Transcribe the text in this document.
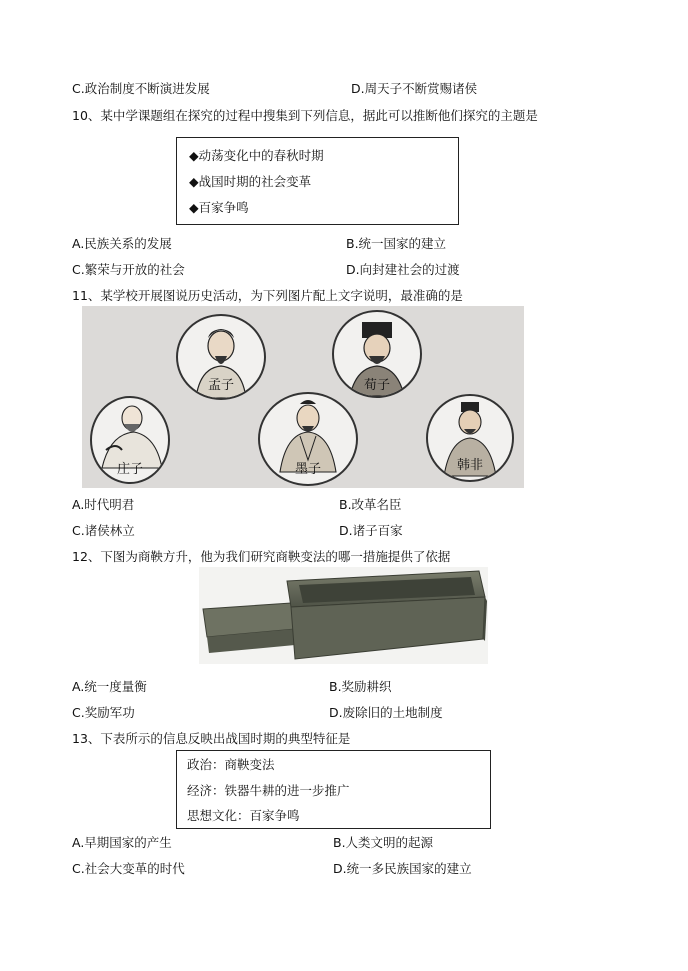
C.政治制度不断演进发展	D.周天子不断赏赐诸侯
10、某中学课题组在探究的过程中搜集到下列信息，据此可以推断他们探究的主题是
◆动荡变化中的春秋时期
◆战国时期的社会变革
◆百家争鸣
A.民族关系的发展	B.统一国家的建立
C.繁荣与开放的社会	D.向封建社会的过渡
11、某学校开展图说历史活动，为下列图片配上文字说明，最准确的是
孟子	荀子
庄子	墨子	韩非
A.时代明君	B.改革名臣
C.诸侯林立	D.诸子百家
12、下图为商鞅方升，他为我们研究商鞅变法的哪一措施提供了依据
A.统一度量衡	B.奖励耕织
C.奖励军功	D.废除旧的土地制度
13、下表所示的信息反映出战国时期的典型特征是
政治：商鞅变法
经济：铁器牛耕的进一步推广
思想文化：百家争鸣
A.早期国家的产生	B.人类文明的起源
C.社会大变革的时代	D.统一多民族国家的建立
